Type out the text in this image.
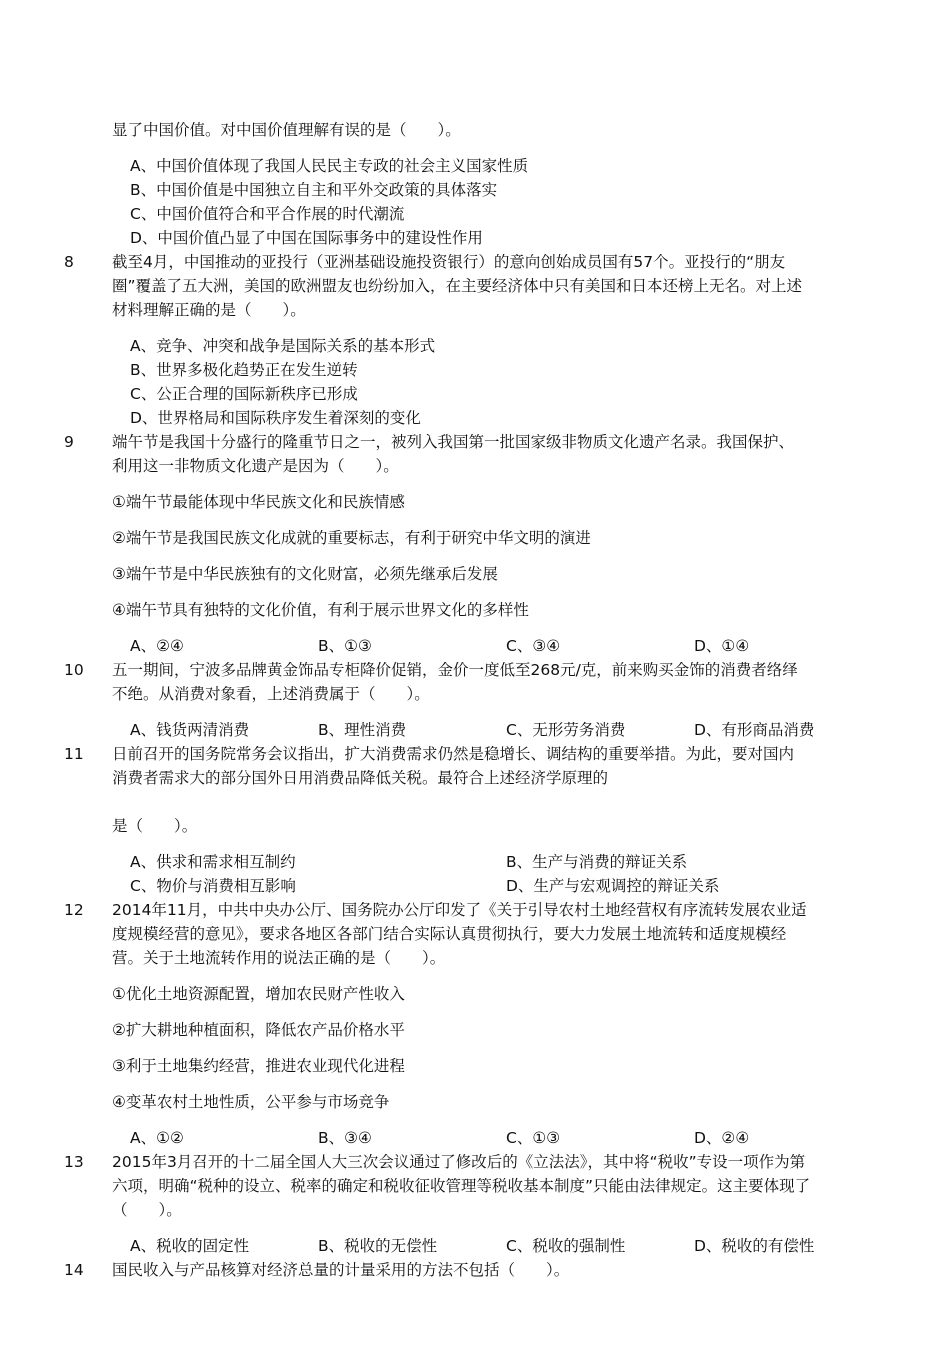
显了中国价值。对中国价值理解有误的是（　　）。
A、中国价值体现了我国人民民主专政的社会主义国家性质
B、中国价值是中国独立自主和平外交政策的具体落实
C、中国价值符合和平合作展的时代潮流
D、中国价值凸显了中国在国际事务中的建设性作用
8 截至4月，中国推动的亚投行（亚洲基础设施投资银行）的意向创始成员国有57个。亚投行的“朋友
圈”覆盖了五大洲，美国的欧洲盟友也纷纷加入，在主要经济体中只有美国和日本还榜上无名。对上述
材料理解正确的是（　　）。
A、竞争、冲突和战争是国际关系的基本形式
B、世界多极化趋势正在发生逆转
C、公正合理的国际新秩序已形成
D、世界格局和国际秩序发生着深刻的变化
9 端午节是我国十分盛行的隆重节日之一，被列入我国第一批国家级非物质文化遗产名录。我国保护、
利用这一非物质文化遗产是因为（　　）。
①端午节最能体现中华民族文化和民族情感
②端午节是我国民族文化成就的重要标志，有利于研究中华文明的演进
③端午节是中华民族独有的文化财富，必须先继承后发展
④端午节具有独特的文化价值，有利于展示世界文化的多样性
A、②④	B、①③	C、③④	D、①④
10 五一期间，宁波多品牌黄金饰品专柜降价促销，金价一度低至268元/克，前来购买金饰的消费者络绎
不绝。从消费对象看，上述消费属于（　　）。
A、钱货两清消费	B、理性消费	C、无形劳务消费	D、有形商品消费
11 日前召开的国务院常务会议指出，扩大消费需求仍然是稳增长、调结构的重要举措。为此，要对国内
消费者需求大的部分国外日用消费品降低关税。最符合上述经济学原理的
是（　　）。
A、供求和需求相互制约	B、生产与消费的辩证关系
C、物价与消费相互影响	D、生产与宏观调控的辩证关系
12 2014年11月，中共中央办公厅、国务院办公厅印发了《关于引导农村土地经营权有序流转发展农业适
度规模经营的意见》，要求各地区各部门结合实际认真贯彻执行，要大力发展土地流转和适度规模经
营。关于土地流转作用的说法正确的是（　　）。
①优化土地资源配置，增加农民财产性收入
②扩大耕地种植面积，降低农产品价格水平
③利于土地集约经营，推进农业现代化进程
④变革农村土地性质，公平参与市场竞争
A、①②	B、③④	C、①③	D、②④
13 2015年3月召开的十二届全国人大三次会议通过了修改后的《立法法》，其中将“税收”专设一项作为第
六项，明确“税种的设立、税率的确定和税收征收管理等税收基本制度”只能由法律规定。这主要体现了
（　　）。
A、税收的固定性	B、税收的无偿性	C、税收的强制性	D、税收的有偿性
14 国民收入与产品核算对经济总量的计量采用的方法不包括（　　）。
